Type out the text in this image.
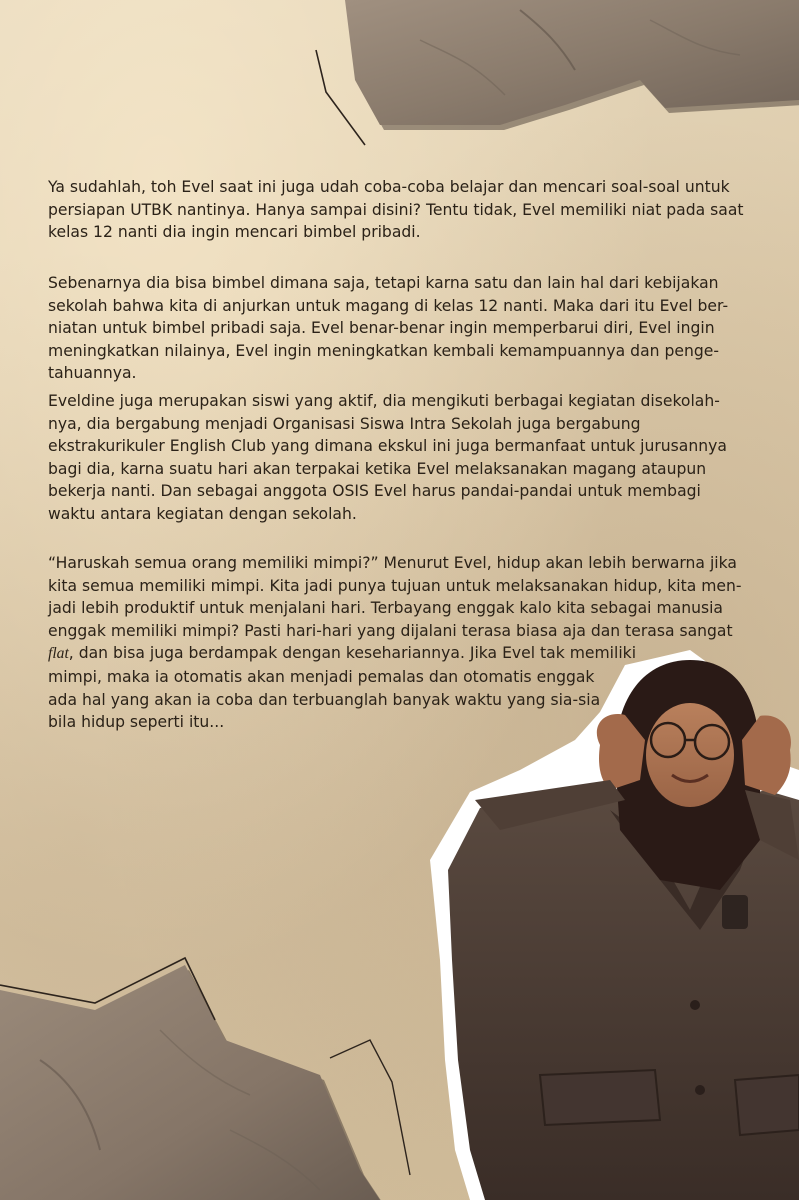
Ya sudahlah, toh Evel saat ini juga udah coba-coba belajar dan mencari soal-soal untuk
persiapan UTBK nantinya. Hanya sampai disini? Tentu tidak, Evel memiliki niat pada saat
kelas 12 nanti dia ingin mencari bimbel pribadi.

Sebenarnya dia bisa bimbel dimana saja, tetapi karna satu dan lain hal dari kebijakan
sekolah bahwa kita di anjurkan untuk magang di kelas 12 nanti. Maka dari itu Evel ber-
niatan untuk bimbel pribadi saja. Evel benar-benar ingin memperbarui diri, Evel ingin
meningkatkan nilainya, Evel ingin meningkatkan kembali kemampuannya dan penge-
tahuannya.

Eveldine juga merupakan siswi yang aktif, dia mengikuti berbagai kegiatan disekolah-
nya, dia bergabung menjadi Organisasi Siswa Intra Sekolah juga bergabung
ekstrakurikuler English Club yang dimana ekskul ini juga bermanfaat untuk jurusannya
bagi dia, karna suatu hari akan terpakai ketika Evel melaksanakan magang ataupun
bekerja nanti. Dan sebagai anggota OSIS Evel harus pandai-pandai untuk membagi
waktu antara kegiatan dengan sekolah.

“Haruskah semua orang memiliki mimpi?” Menurut Evel, hidup akan lebih berwarna jika
kita semua memiliki mimpi. Kita jadi punya tujuan untuk melaksanakan hidup, kita men-
jadi lebih produktif untuk menjalani hari. Terbayang enggak kalo kita sebagai manusia
enggak memiliki mimpi? Pasti hari-hari yang dijalani terasa biasa aja dan terasa sangat
flat, dan bisa juga berdampak dengan kesehariannya. Jika Evel tak memiliki
mimpi, maka ia otomatis akan menjadi pemalas dan otomatis enggak
ada hal yang akan ia coba dan terbuanglah banyak waktu yang sia-sia
bila hidup seperti itu...
